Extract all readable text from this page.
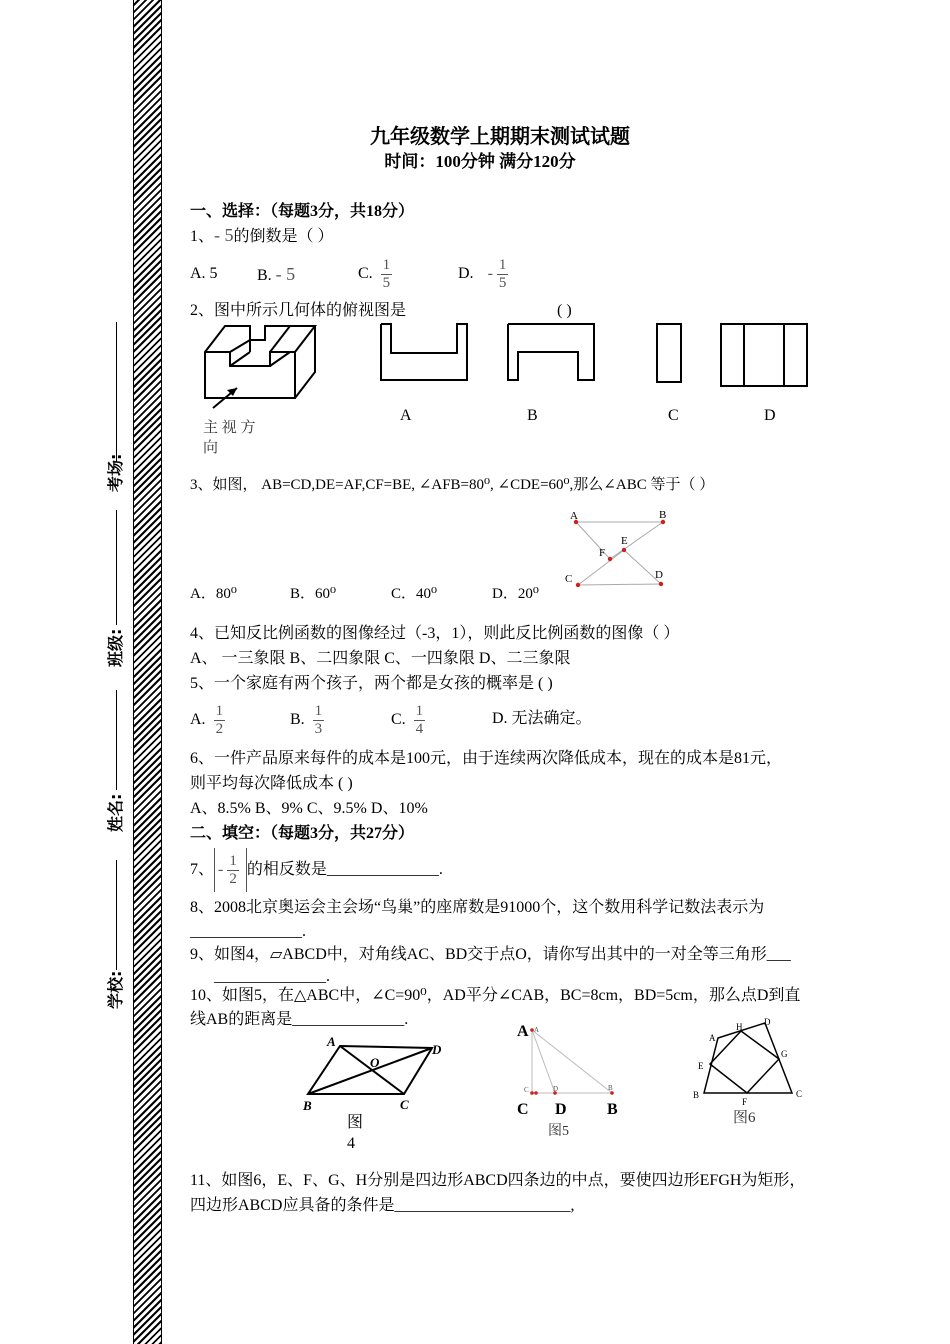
考场:
班级:
姓名:
学校:
九年级数学上期期末测试试题
时间：100分钟 满分120分
一、选择：（每题3分，共18分）
1、- 5的倒数是（ ）
A. 5 B. - 5	C. $\frac{1}{5}$	D. - $\frac{1}{5}$
2、图中所示几何体的俯视图是	( )
主 视 方
向
A	B	C	D
3、如图， AB=CD,DE=AF,CF=BE, ∠AFB=80⁰, ∠CDE=60⁰,那么∠ABC 等于（ ）
A	B
E
F
C	D
A．80⁰	B．60⁰	C．40⁰	D．20⁰
4、已知反比例函数的图像经过（-3，1），则此反比例函数的图像（ ）
A、 一三象限 B、二四象限 C、一四象限 D、二三象限
5、一个家庭有两个孩子，两个都是女孩的概率是 ( )
A. $\frac{1}{2}$	B. $\frac{1}{3}$	C. $\frac{1}{4}$	D. 无法确定。
6、一件产品原来每件的成本是100元，由于连续两次降低成本，现在的成本是81元，
则平均每次降低成本 ( )
A、8.5% B、9% C、9.5% D、10%
二、填空：（每题3分，共27分）
7、 - $\frac{1}{2}$ 的相反数是______________.
8、2008北京奥运会主会场“鸟巢”的座席数是91000个，这个数用科学记数法表示为
______________.
9、如图4，▱ABCD中，对角线AC、BD交于点O，请你写出其中的一对全等三角形___
______________.
10、如图5，在△ABC中，∠C=90⁰，AD平分∠CAB，BC=8cm，BD=5cm，那么点D到直
线AB的距离是______________.
A
D
O
B	C
图
4
A
C	D	B
A
C D	B
图5
A
H D
E
G
B
F
C
图6
11、如图6，E、F、G、H分别是四边形ABCD四条边的中点，要使四边形EFGH为矩形，
四边形ABCD应具备的条件是______________________,
